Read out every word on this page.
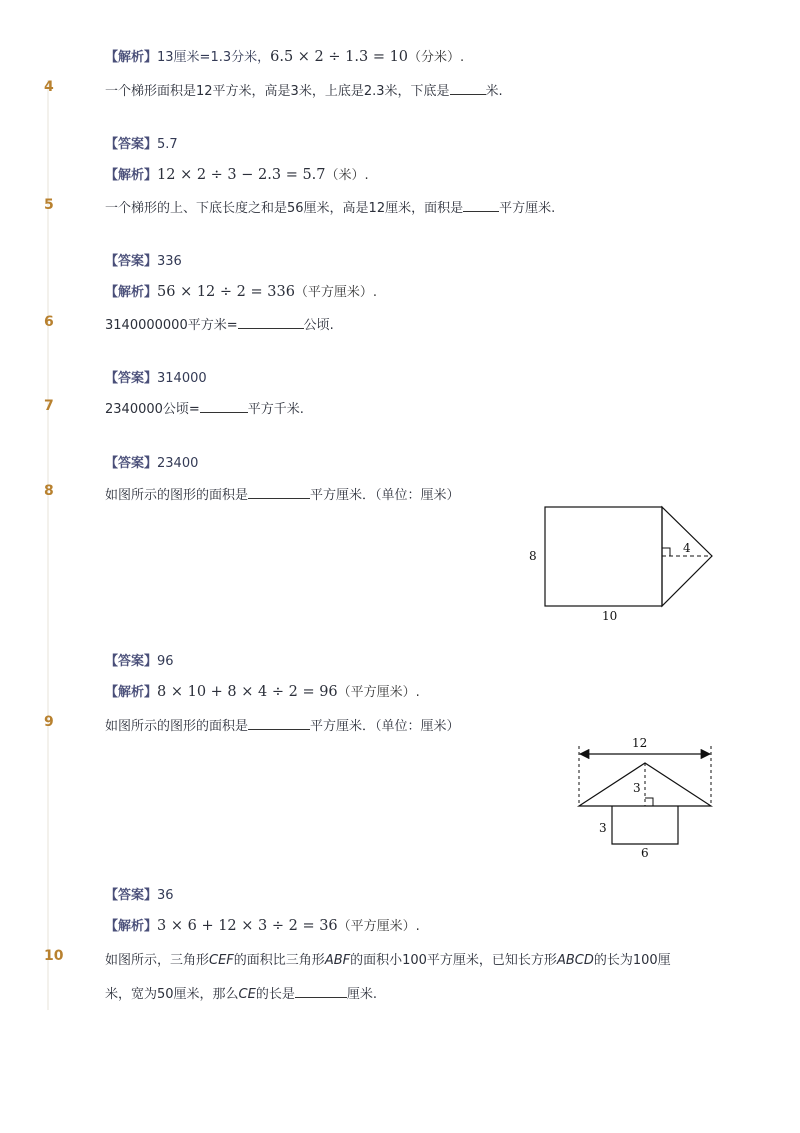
【解析】13厘米=1.3分米，6.5 × 2 ÷ 1.3 = 10（分米）.
4	一个梯形面积是12平方米，高是3米，上底是2.3米，下底是	米.
【答案】5.7
【解析】12 × 2 ÷ 3 − 2.3 = 5.7（米）.
5	一个梯形的上、下底长度之和是56厘米，高是12厘米，面积是	平方厘米.
【答案】336
【解析】56 × 12 ÷ 2 = 336（平方厘米）.
6	3140000000平方米=	公顷.
【答案】314000
7	2340000公顷=	平方千米.
【答案】23400
8	如图所示的图形的面积是	平方厘米．（单位：厘米）
8
10
4
【答案】96
【解析】8 × 10 + 8 × 4 ÷ 2 = 96（平方厘米）.
9	如图所示的图形的面积是	平方厘米．（单位：厘米）
12
3
3
6
【答案】36
【解析】3 × 6 + 12 × 3 ÷ 2 = 36（平方厘米）.
10	如图所示，三角形CEF的面积比三角形ABF的面积小100平方厘米，已知长方形ABCD的长为100厘
米，宽为50厘米，那么CE的长是	厘米.
